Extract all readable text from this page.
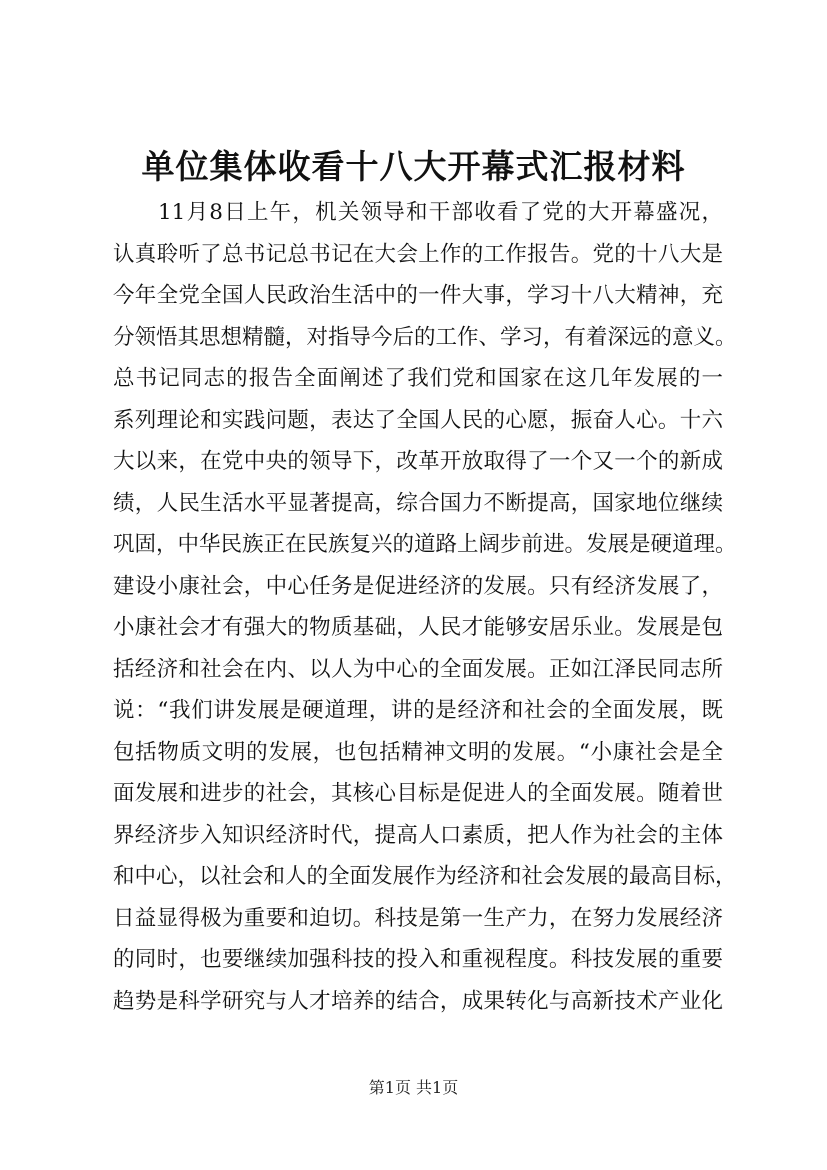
单位集体收看十八大开幕式汇报材料
11月8日上午，机关领导和干部收看了党的大开幕盛况，
认真聆听了总书记总书记在大会上作的工作报告。党的十八大是
今年全党全国人民政治生活中的一件大事，学习十八大精神，充
分领悟其思想精髓，对指导今后的工作、学习，有着深远的意义。
总书记同志的报告全面阐述了我们党和国家在这几年发展的一
系列理论和实践问题，表达了全国人民的心愿，振奋人心。十六
大以来，在党中央的领导下，改革开放取得了一个又一个的新成
绩，人民生活水平显著提高，综合国力不断提高，国家地位继续
巩固，中华民族正在民族复兴的道路上阔步前进。发展是硬道理。
建设小康社会，中心任务是促进经济的发展。只有经济发展了，
小康社会才有强大的物质基础，人民才能够安居乐业。发展是包
括经济和社会在内、以人为中心的全面发展。正如江泽民同志所
说：“我们讲发展是硬道理，讲的是经济和社会的全面发展，既
包括物质文明的发展，也包括精神文明的发展。“小康社会是全
面发展和进步的社会，其核心目标是促进人的全面发展。随着世
界经济步入知识经济时代，提高人口素质，把人作为社会的主体
和中心，以社会和人的全面发展作为经济和社会发展的最高目标，
日益显得极为重要和迫切。科技是第一生产力，在努力发展经济
的同时，也要继续加强科技的投入和重视程度。科技发展的重要
趋势是科学研究与人才培养的结合，成果转化与高新技术产业化
第1页 共1页
